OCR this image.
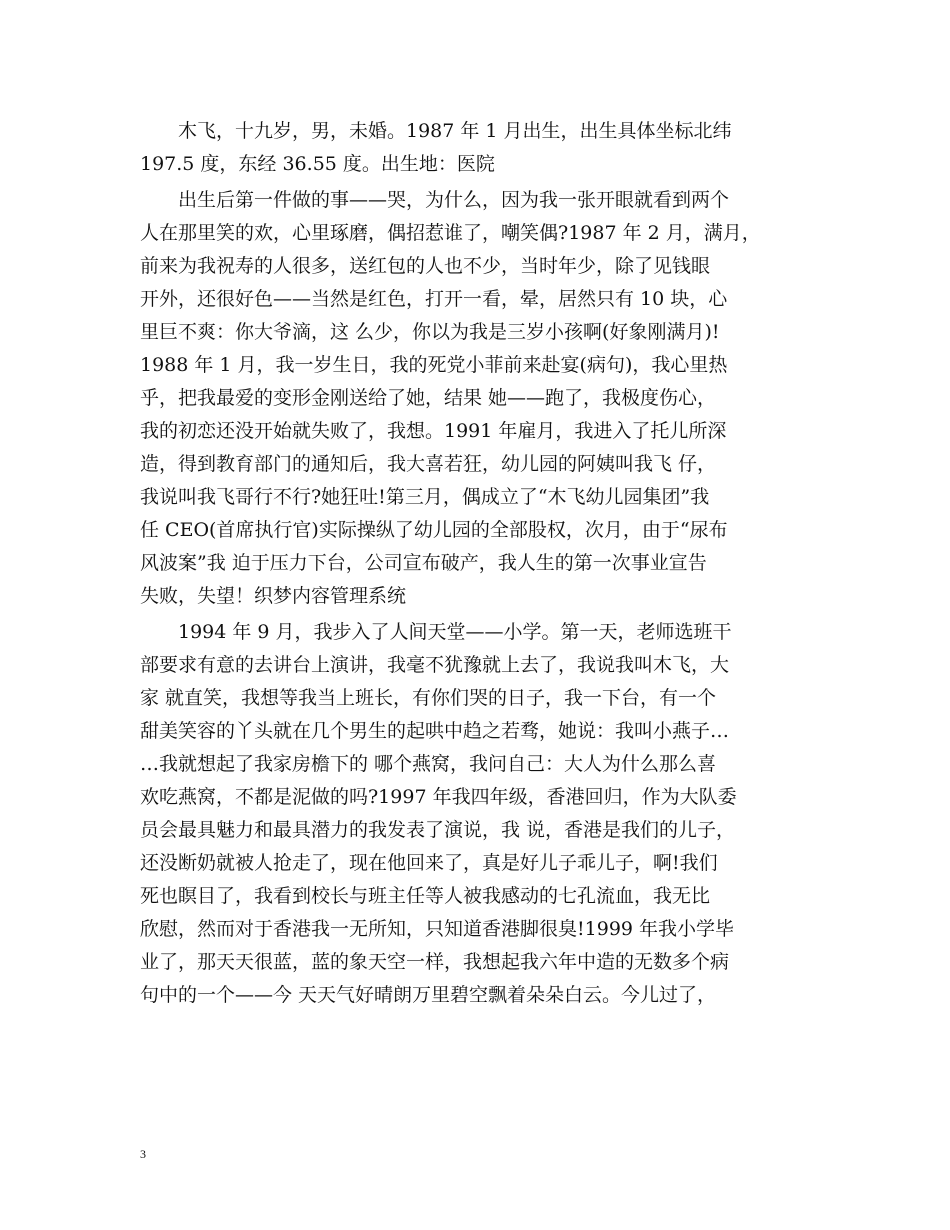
　　木飞，十九岁，男，未婚。1987 年 1 月出生，出生具体坐标北纬
197.5 度，东经 36.55 度。出生地：医院
　　出生后第一件做的事——哭，为什么，因为我一张开眼就看到两个
人在那里笑的欢，心里琢磨，偶招惹谁了，嘲笑偶?1987 年 2 月，满月，
前来为我祝寿的人很多，送红包的人也不少，当时年少，除了见钱眼
开外，还很好色——当然是红色，打开一看，晕，居然只有 10 块，心
里巨不爽：你大爷滴，这 么少，你以为我是三岁小孩啊(好象刚满月)!
1988 年 1 月，我一岁生日，我的死党小菲前来赴宴(病句)，我心里热
乎，把我最爱的变形金刚送给了她，结果 她——跑了，我极度伤心，
我的初恋还没开始就失败了，我想。1991 年雇月，我进入了托儿所深
造，得到教育部门的通知后，我大喜若狂，幼儿园的阿姨叫我飞 仔，
我说叫我飞哥行不行?她狂吐!第三月，偶成立了“木飞幼儿园集团”我
任 CEO(首席执行官)实际操纵了幼儿园的全部股权，次月，由于“尿布
风波案”我 迫于压力下台，公司宣布破产，我人生的第一次事业宣告
失败，失望！织梦内容管理系统
　　1994 年 9 月，我步入了人间天堂——小学。第一天，老师选班干
部要求有意的去讲台上演讲，我毫不犹豫就上去了，我说我叫木飞，大
家 就直笑，我想等我当上班长，有你们哭的日子，我一下台，有一个
甜美笑容的丫头就在几个男生的起哄中趋之若骛，她说：我叫小燕子…
…我就想起了我家房檐下的 哪个燕窝，我问自己：大人为什么那么喜
欢吃燕窝，不都是泥做的吗?1997 年我四年级，香港回归，作为大队委
员会最具魅力和最具潜力的我发表了演说，我 说，香港是我们的儿子，
还没断奶就被人抢走了，现在他回来了，真是好儿子乖儿子，啊!我们
死也瞑目了，我看到校长与班主任等人被我感动的七孔流血，我无比
欣慰，然而对于香港我一无所知，只知道香港脚很臭!1999 年我小学毕
业了，那天天很蓝，蓝的象天空一样，我想起我六年中造的无数多个病
句中的一个——今 天天气好晴朗万里碧空飘着朵朵白云。今儿过了，
3
